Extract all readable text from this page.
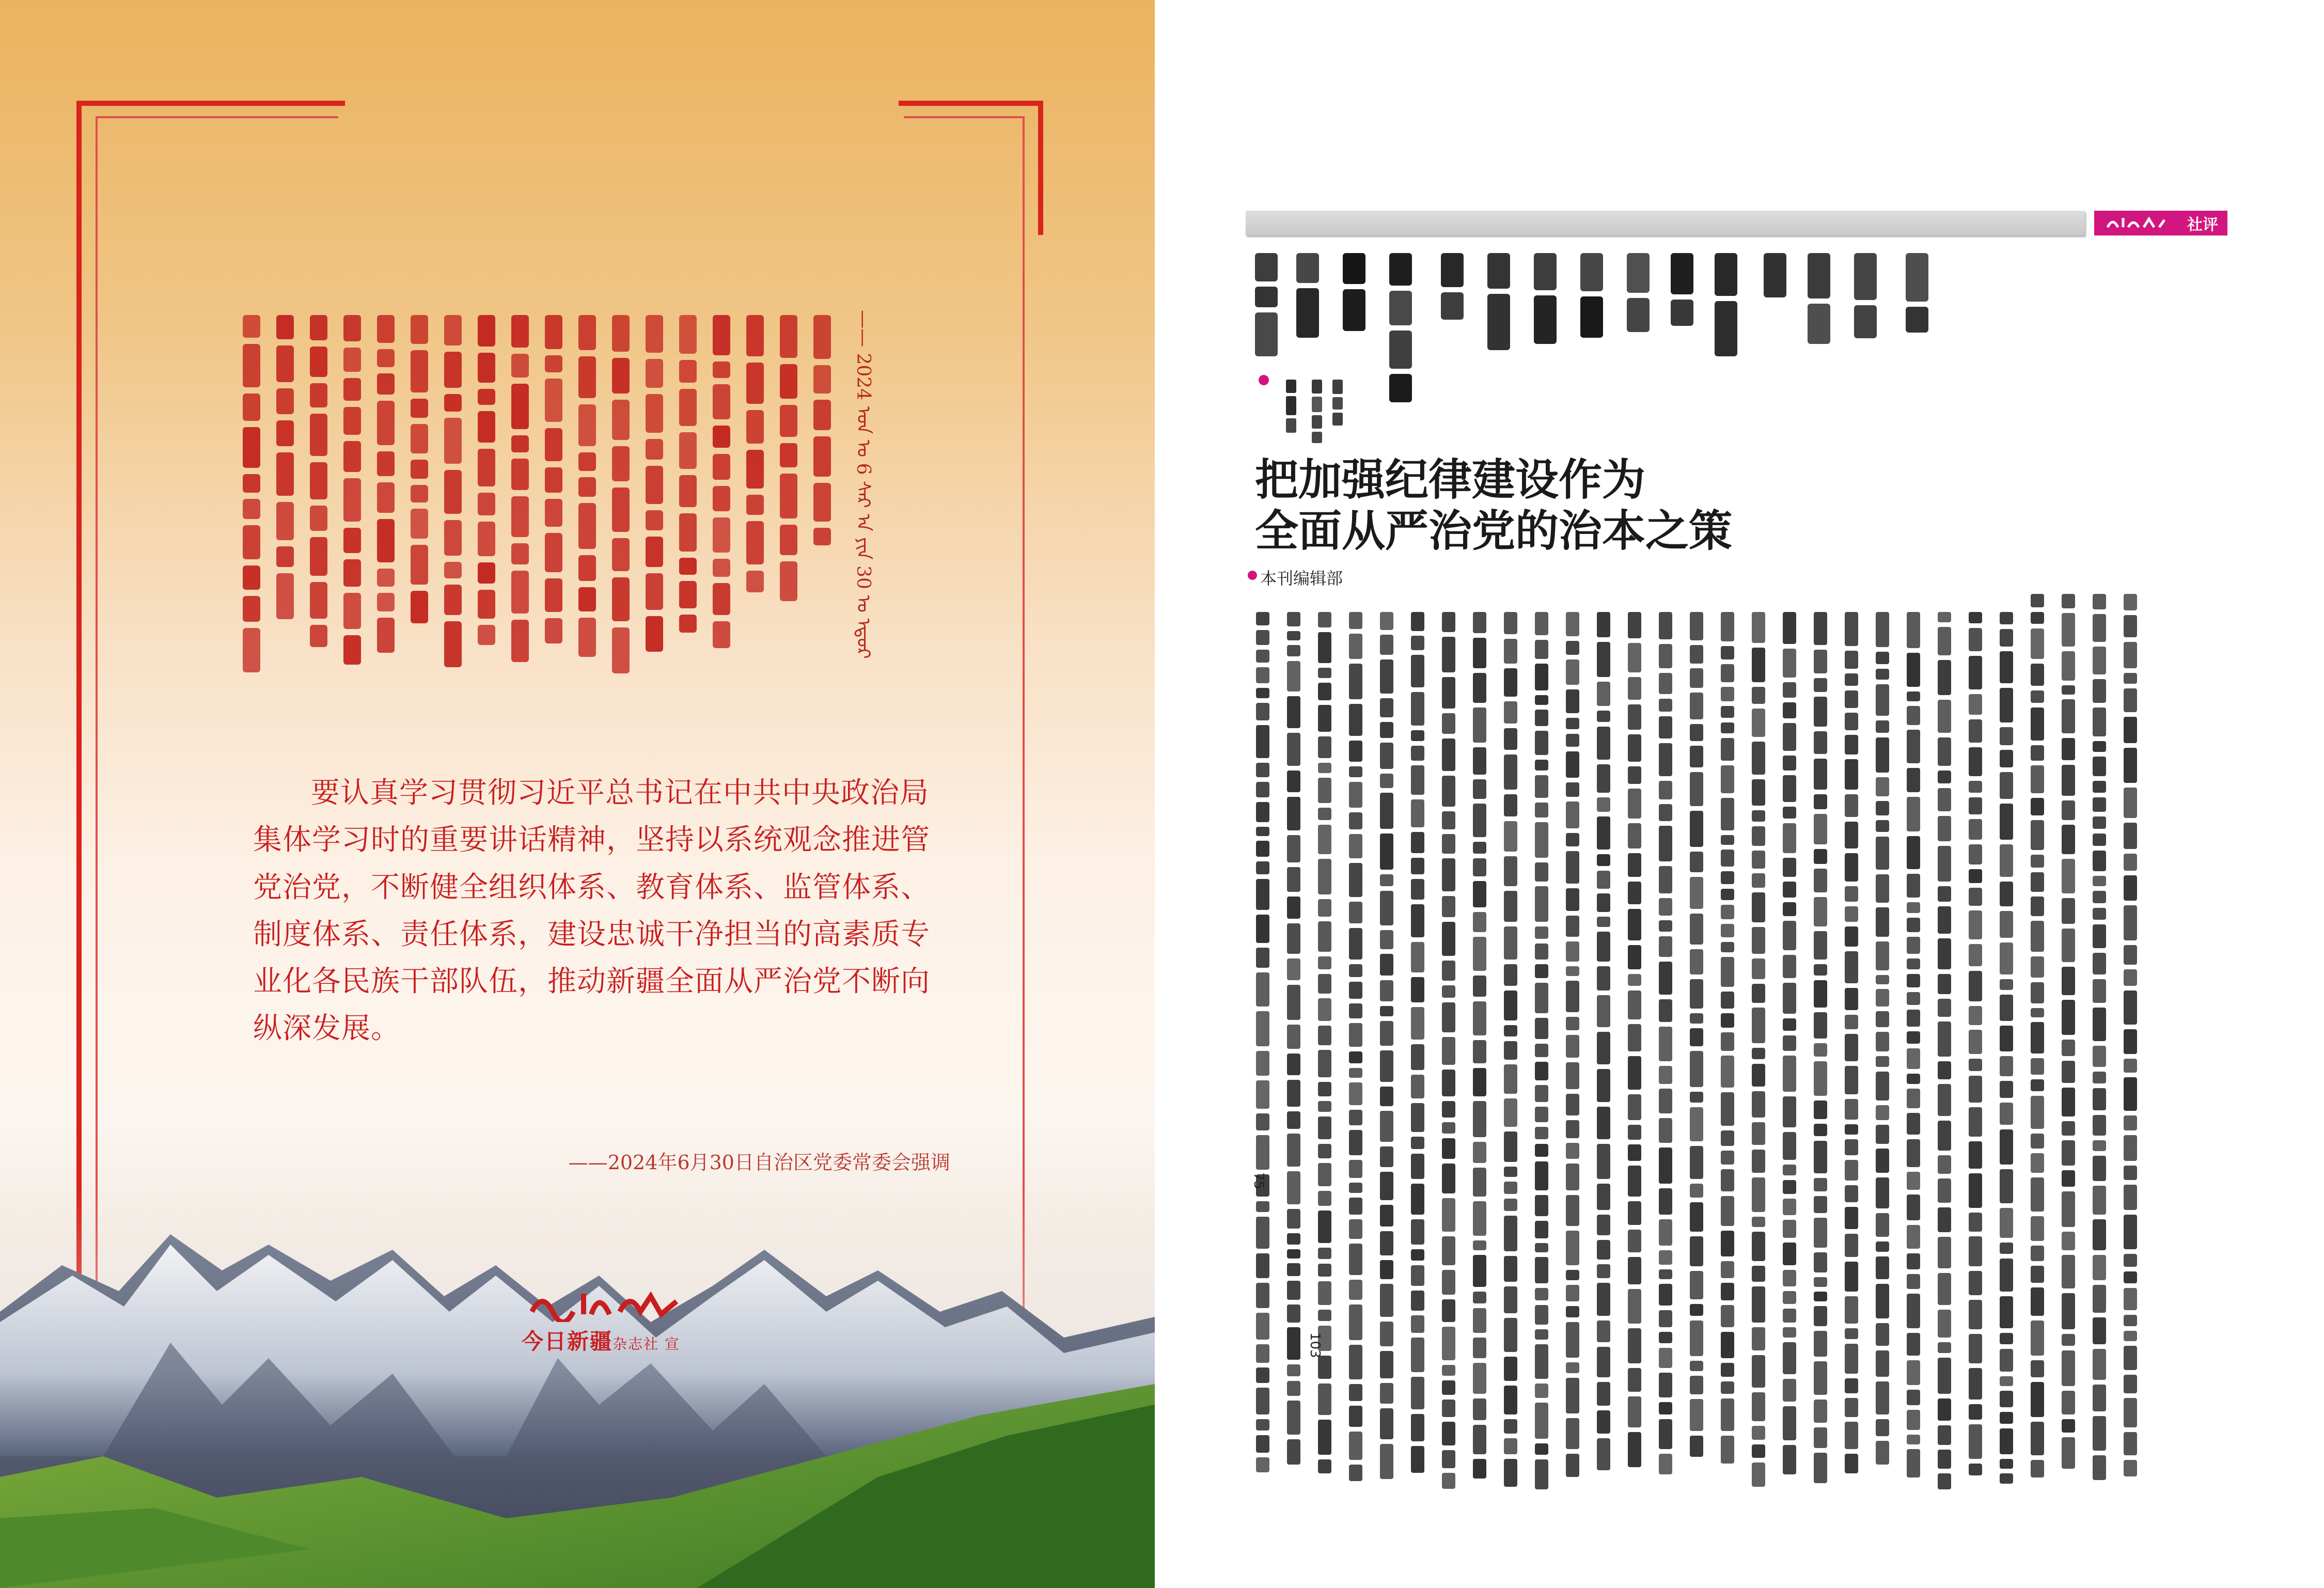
—— 2024 ᠣᠨ ᠤ 6 ᠰᠠᠷ ᠠ ᠶᠢᠨ 30 ᠤ ᠡᠳᠦᠷ

要认真学习贯彻习近平总书记在中共中央政治局集体学习时的重要讲话精神，坚持以系统观念推进管党治党，不断健全组织体系、教育体系、监管体系、制度体系、责任体系，建设忠诚干净担当的高素质专业化各民族干部队伍，推动新疆全面从严治党不断向纵深发展。

——2024年6月30日自治区党委常委会强调
今日新疆杂志社 宣
社评
把加强纪律建设作为
全面从严治党的治本之策
本刊编辑部
75
103
